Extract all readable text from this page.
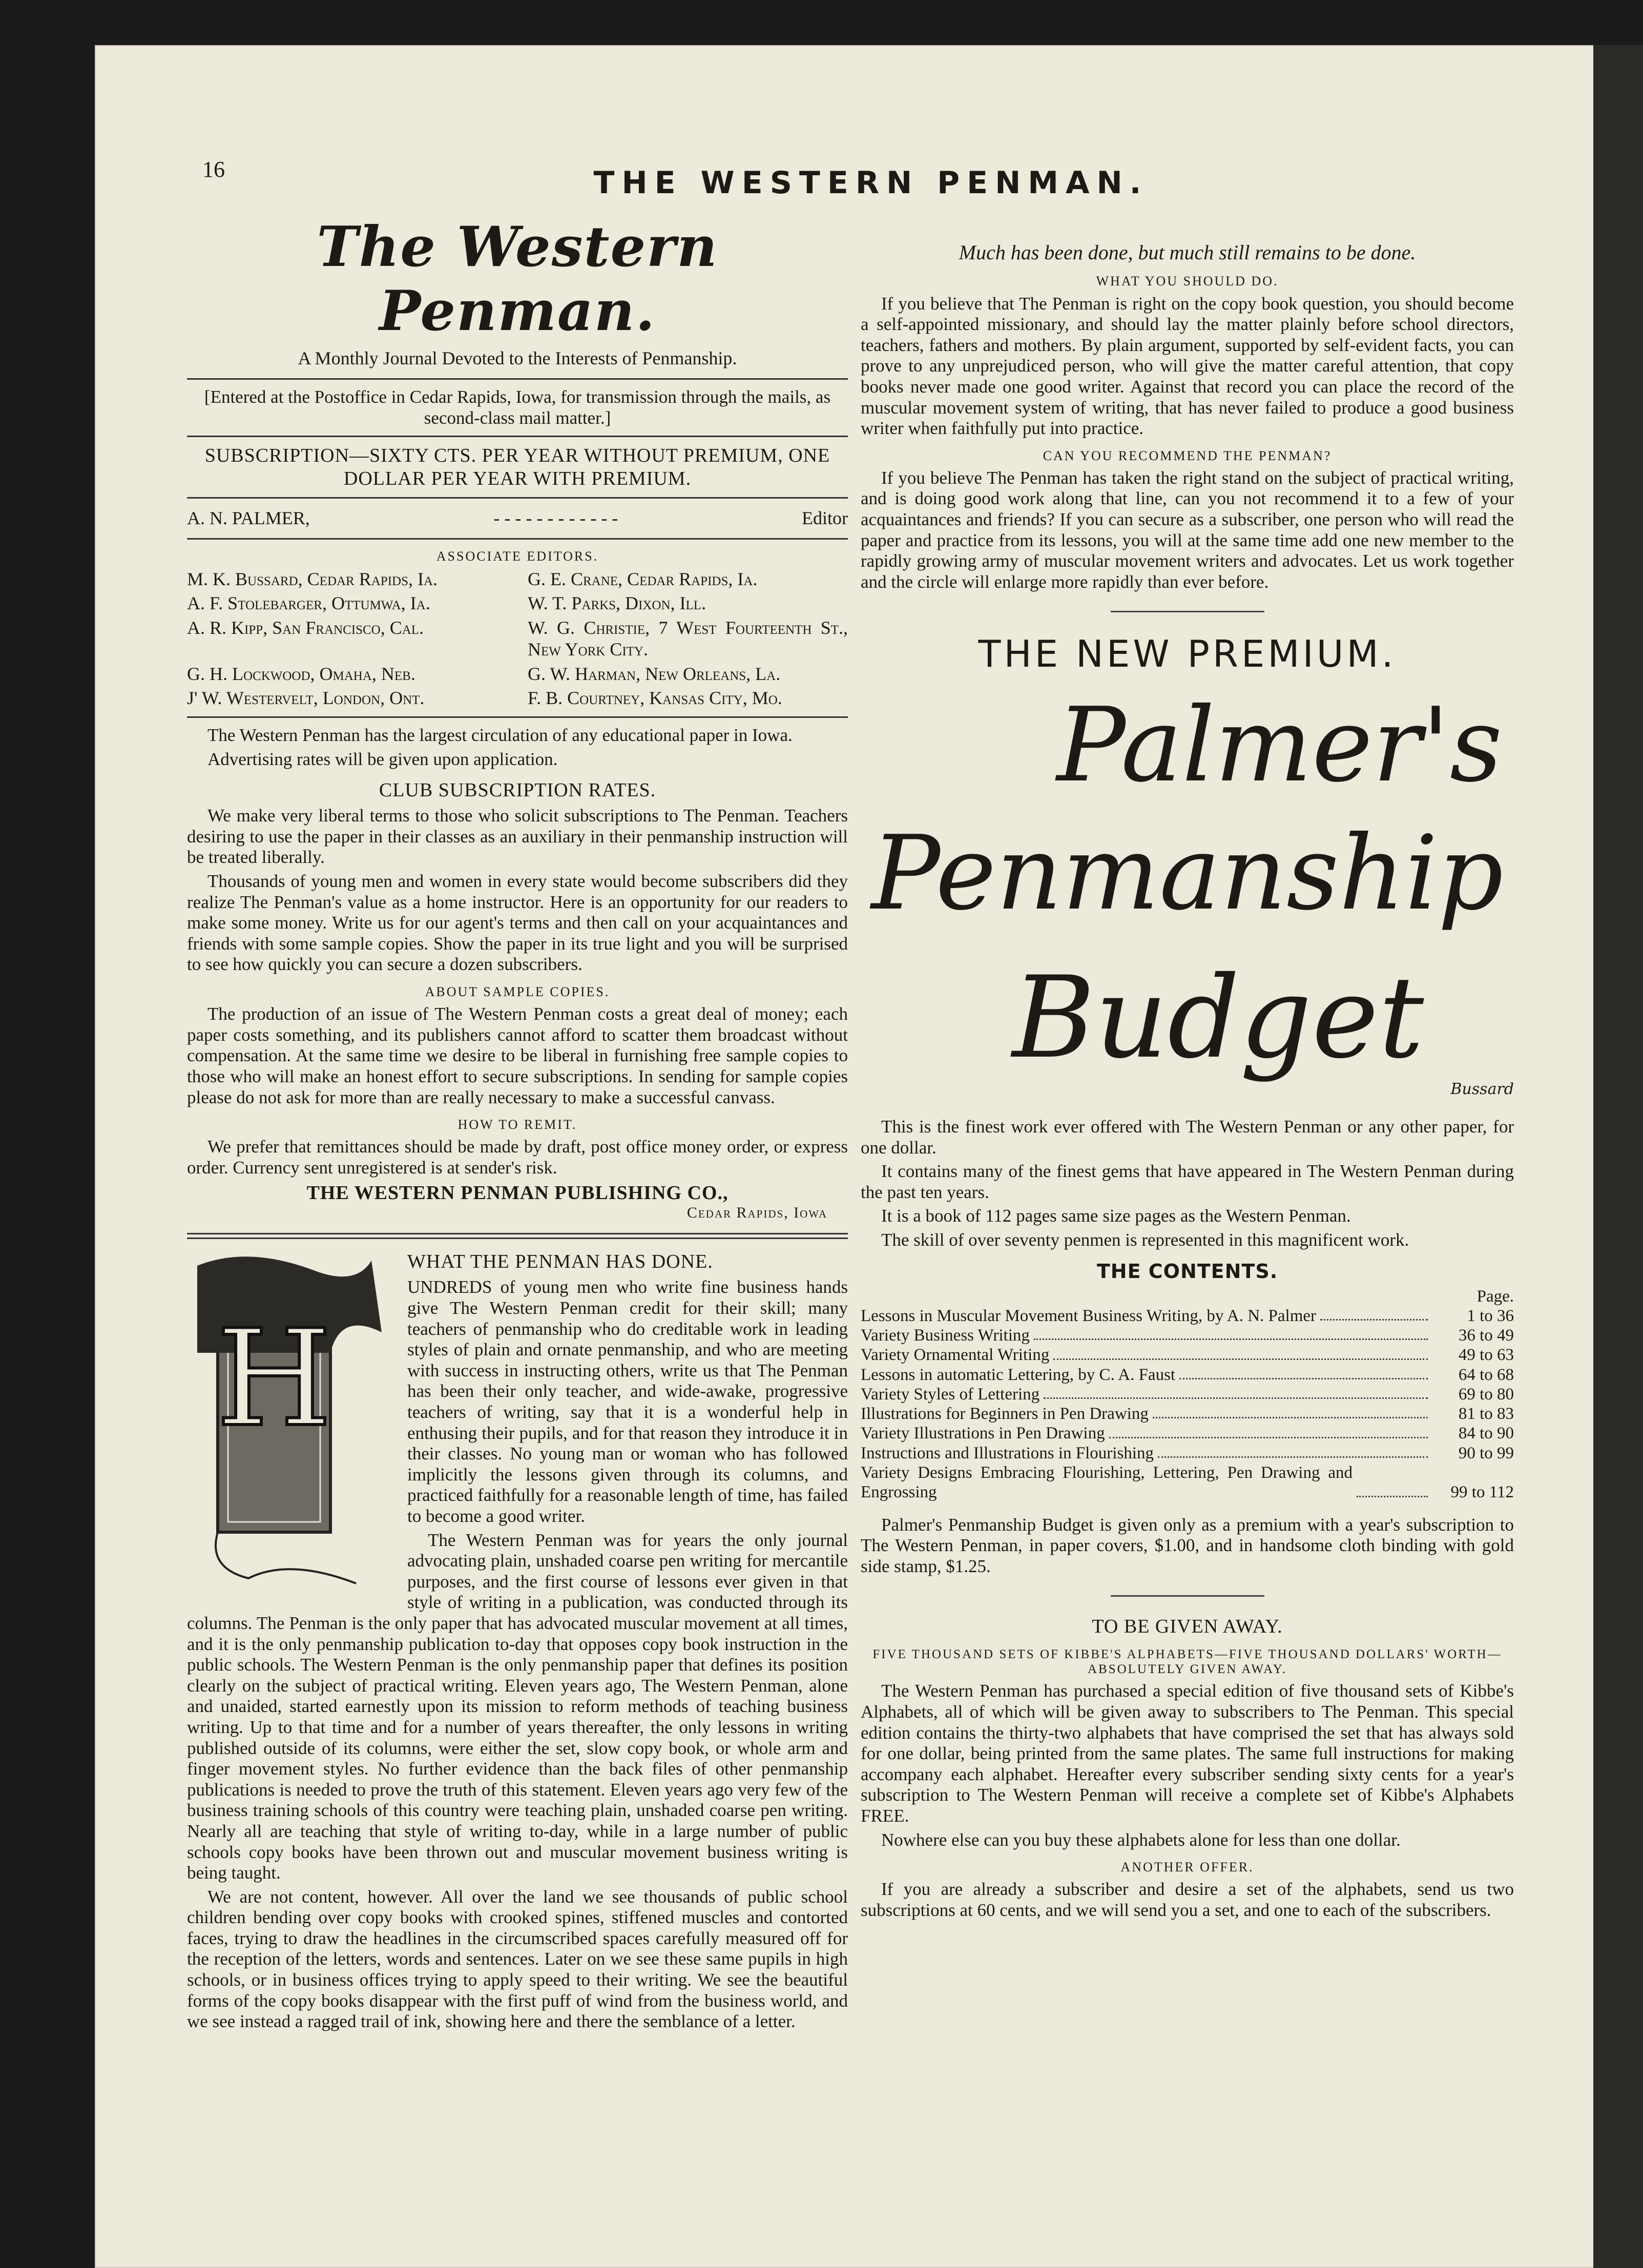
16	THE WESTERN PENMAN.
The Western Penman.
A Monthly Journal Devoted to the Interests of Penmanship.
[Entered at the Postoffice in Cedar Rapids, Iowa, for transmission through the mails, as second-class mail matter.]
SUBSCRIPTION—SIXTY CTS. PER YEAR WITHOUT PREMIUM, ONE DOLLAR PER YEAR WITH PREMIUM.
A. N. PALMER,	- - - - - - - - - - - -	Editor
ASSOCIATE EDITORS.
M. K. Bussard, Cedar Rapids, Ia.	G. E. Crane, Cedar Rapids, Ia.
A. F. Stolebarger, Ottumwa, Ia.	W. T. Parks, Dixon, Ill.
A. R. Kipp, San Francisco, Cal.	W. G. Christie, 7 West Fourteenth St., New York City.
G. H. Lockwood, Omaha, Neb.	G. W. Harman, New Orleans, La.
J' W. Westervelt, London, Ont.	F. B. Courtney, Kansas City, Mo.

The Western Penman has the largest circulation of any educational paper in Iowa.

Advertising rates will be given upon application.

CLUB SUBSCRIPTION RATES.

We make very liberal terms to those who solicit subscriptions to The Penman. Teachers desiring to use the paper in their classes as an auxiliary in their penmanship instruction will be treated liberally.

Thousands of young men and women in every state would become subscribers did they realize The Penman's value as a home instructor. Here is an opportunity for our readers to make some money. Write us for our agent's terms and then call on your acquaintances and friends with some sample copies. Show the paper in its true light and you will be surprised to see how quickly you can secure a dozen subscribers.

ABOUT SAMPLE COPIES.

The production of an issue of The Western Penman costs a great deal of money; each paper costs something, and its publishers cannot afford to scatter them broadcast without compensation. At the same time we desire to be liberal in furnishing free sample copies to those who will make an honest effort to secure subscriptions. In sending for sample copies please do not ask for more than are really necessary to make a successful canvass.

HOW TO REMIT.

We prefer that remittances should be made by draft, post office money order, or express order. Currency sent unregistered is at sender's risk.

THE WESTERN PENMAN PUBLISHING CO.,
Cedar Rapids, Iowa
H
WHAT THE PENMAN HAS DONE.

UNDREDS of young men who write fine business hands give The Western Penman credit for their skill; many teachers of penmanship who do creditable work in leading styles of plain and ornate penmanship, and who are meeting with success in instructing others, write us that The Penman has been their only teacher, and wide-awake, progressive teachers of writing, say that it is a wonderful help in enthusing their pupils, and for that reason they introduce it in their classes. No young man or woman who has followed implicitly the lessons given through its columns, and practiced faithfully for a reasonable length of time, has failed to become a good writer.

The Western Penman was for years the only journal advocating plain, unshaded coarse pen writing for mercantile purposes, and the first course of lessons ever given in that style of writing in a publication, was conducted through its columns. The Penman is the only paper that has advocated muscular movement at all times, and it is the only penmanship publication to-day that opposes copy book instruction in the public schools. The Western Penman is the only penmanship paper that defines its position clearly on the subject of practical writing. Eleven years ago, The Western Penman, alone and unaided, started earnestly upon its mission to reform methods of teaching business writing. Up to that time and for a number of years thereafter, the only lessons in writing published outside of its columns, were either the set, slow copy book, or whole arm and finger movement styles. No further evidence than the back files of other penmanship publications is needed to prove the truth of this statement. Eleven years ago very few of the business training schools of this country were teaching plain, unshaded coarse pen writing. Nearly all are teaching that style of writing to-day, while in a large number of public schools copy books have been thrown out and muscular movement business writing is being taught.

We are not content, however. All over the land we see thousands of public school children bending over copy books with crooked spines, stiffened muscles and contorted faces, trying to draw the headlines in the circumscribed spaces carefully measured off for the reception of the letters, words and sentences. Later on we see these same pupils in high schools, or in business offices trying to apply speed to their writing. We see the beautiful forms of the copy books disappear with the first puff of wind from the business world, and we see instead a ragged trail of ink, showing here and there the semblance of a letter.

Much has been done, but much still remains to be done.
WHAT YOU SHOULD DO.

If you believe that The Penman is right on the copy book question, you should become a self-appointed missionary, and should lay the matter plainly before school directors, teachers, fathers and mothers. By plain argument, supported by self-evident facts, you can prove to any unprejudiced person, who will give the matter careful attention, that copy books never made one good writer. Against that record you can place the record of the muscular movement system of writing, that has never failed to produce a good business writer when faithfully put into practice.

CAN YOU RECOMMEND THE PENMAN?

If you believe The Penman has taken the right stand on the subject of practical writing, and is doing good work along that line, can you not recommend it to a few of your acquaintances and friends? If you can secure as a subscriber, one person who will read the paper and practice from its lessons, you will at the same time add one new member to the rapidly growing army of muscular movement writers and advocates. Let us work together and the circle will enlarge more rapidly than ever before.

THE NEW PREMIUM.
Palmer's
Penmanship
Budget
Bussard

This is the finest work ever offered with The Western Penman or any other paper, for one dollar.

It contains many of the finest gems that have appeared in The Western Penman during the past ten years.

It is a book of 112 pages same size pages as the Western Penman.

The skill of over seventy penmen is represented in this magnificent work.

THE CONTENTS.
Page.
Lessons in Muscular Movement Business Writing, by A. N. Palmer	1 to 36
Variety Business Writing	36 to 49
Variety Ornamental Writing	49 to 63
Lessons in automatic Lettering, by C. A. Faust	64 to 68
Variety Styles of Lettering	69 to 80
Illustrations for Beginners in Pen Drawing	81 to 83
Variety Illustrations in Pen Drawing	84 to 90
Instructions and Illustrations in Flourishing	90 to 99
Variety Designs Embracing Flourishing, Lettering, Pen Drawing and Engrossing	99 to 112

Palmer's Penmanship Budget is given only as a premium with a year's subscription to The Western Penman, in paper covers, $1.00, and in handsome cloth binding with gold side stamp, $1.25.

TO BE GIVEN AWAY.
FIVE THOUSAND SETS OF KIBBE'S ALPHABETS—FIVE THOUSAND DOLLARS' WORTH—ABSOLUTELY GIVEN AWAY.

The Western Penman has purchased a special edition of five thousand sets of Kibbe's Alphabets, all of which will be given away to subscribers to The Penman. This special edition contains the thirty-two alphabets that have comprised the set that has always sold for one dollar, being printed from the same plates. The same full instructions for making accompany each alphabet. Hereafter every subscriber sending sixty cents for a year's subscription to The Western Penman will receive a complete set of Kibbe's Alphabets FREE.

Nowhere else can you buy these alphabets alone for less than one dollar.

ANOTHER OFFER.

If you are already a subscriber and desire a set of the alphabets, send us two subscriptions at 60 cents, and we will send you a set, and one to each of the subscribers.
